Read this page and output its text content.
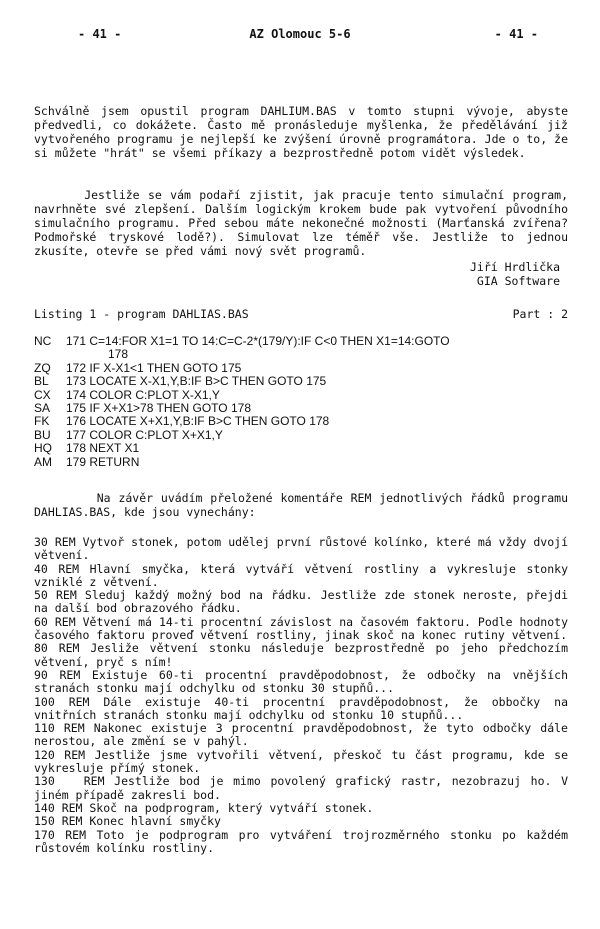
- 41 -	AZ Olomouc 5-6	- 41 -

Schválně jsem opustil program DAHLIUM.BAS v tomto stupni vývoje, abyste předvedli, co dokážete. Často mě pronásleduje myšlenka, že předělávání již vytvořeného programu je nejlepší ke zvýšení úrovně programátora. Jde o to, že si můžete "hrát" se všemi příkazy a bezprostředně potom vidět výsledek.

Jestliže se vám podaří zjistit, jak pracuje tento simulační program, navrhněte své zlepšení. Dalším logickým krokem bude pak vytvoření původního simulačního programu. Před sebou máte nekonečné možnosti (Marťanská zvířena? Podmořské tryskové lodě?). Simulovat lze téměř vše. Jestliže to jednou zkusíte, otevře se před vámi nový svět programů.

Jiří Hrdlička
GIA Software
Listing 1 - program DAHLIAS.BAS	Part : 2
NC	171 C=14:FOR X1=1 TO 14:C=C-2*(179/Y):IF C<0 THEN X1=14:GOTO
178
ZQ	172 IF X-X1<1 THEN GOTO 175
BL	173 LOCATE X-X1,Y,B:IF B>C THEN GOTO 175
CX	174 COLOR C:PLOT X-X1,Y
SA	175 IF X+X1>78 THEN GOTO 178
FK	176 LOCATE X+X1,Y,B:IF B>C THEN GOTO 178
BU	177 COLOR C:PLOT X+X1,Y
HQ	178 NEXT X1
AM	179 RETURN
Na závěr uvádím přeložené komentáře REM jednotlivých řádků programu DAHLIAS.BAS, kde jsou vynechány:
30 REM Vytvoř stonek, potom udělej první růstové kolínko, které má vždy dvojí větvení.
40 REM Hlavní smyčka, která vytváří větvení rostliny a vykresluje stonky vzniklé z větvení.
50 REM Sleduj každý možný bod na řádku. Jestliže zde stonek neroste, přejdi na další bod obrazového řádku.
60 REM Větvení má 14-ti procentní závislost na časovém faktoru. Podle hodnoty časového faktoru proveď větvení rostliny, jinak skoč na konec rutiny větvení.
80 REM Jesliže větvení stonku následuje bezprostředně po jeho předchozím větvení, pryč s ním!
90 REM Existuje 60-ti procentní pravděpodobnost, že odbočky na vnějších stranách stonku mají odchylku od stonku 30 stupňů...
100 REM Dále existuje 40-ti procentní pravděpodobnost, že obbočky na vnitřních stranách stonku mají odchylku od stonku 10 stupňů...
110 REM Nakonec existuje 3 procentní pravděpodobnost, že tyto odbočky dále nerostou, ale změní se v pahýl.
120 REM Jestliže jsme vytvořili větvení, přeskoč tu část programu, kde se vykresluje přímý stonek.
130   REM Jestliže bod je mimo povolený grafický rastr, nezobrazuj ho. V jiném případě zakresli bod.
140 REM Skoč na podprogram, který vytváří stonek.
150 REM Konec hlavní smyčky
170 REM Toto je podprogram pro vytváření trojrozměrného stonku po každém růstovém kolínku rostliny.
